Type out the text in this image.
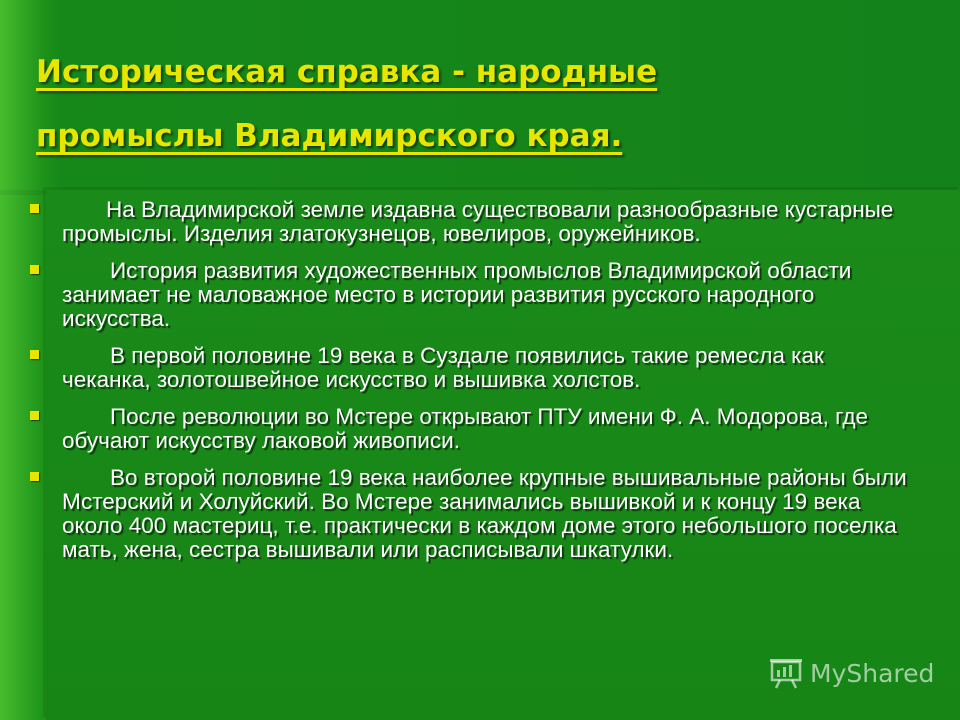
Историческая справка - народные
промыслы Владимирского края.
На Владимирской земле издавна существовали разнообразные кустарные промыслы. Изделия златокузнецов, ювелиров, оружейников.
История развития художественных промыслов Владимирской области занимает не маловажное место в истории развития русского народного искусства.
В первой половине 19 века в Суздале появились такие ремесла как чеканка, золотошвейное искусство и вышивка холстов.
После революции во Мстере открывают ПТУ имени Ф. А. Модорова, где обучают искусству лаковой живописи.
Во второй половине 19 века наиболее крупные вышивальные районы были Мстерский и Холуйский. Во Мстере занимались вышивкой и к концу 19 века около 400 мастериц, т.е. практически в каждом доме этого небольшого поселка мать, жена, сестра вышивали или расписывали шкатулки.
MyShared
